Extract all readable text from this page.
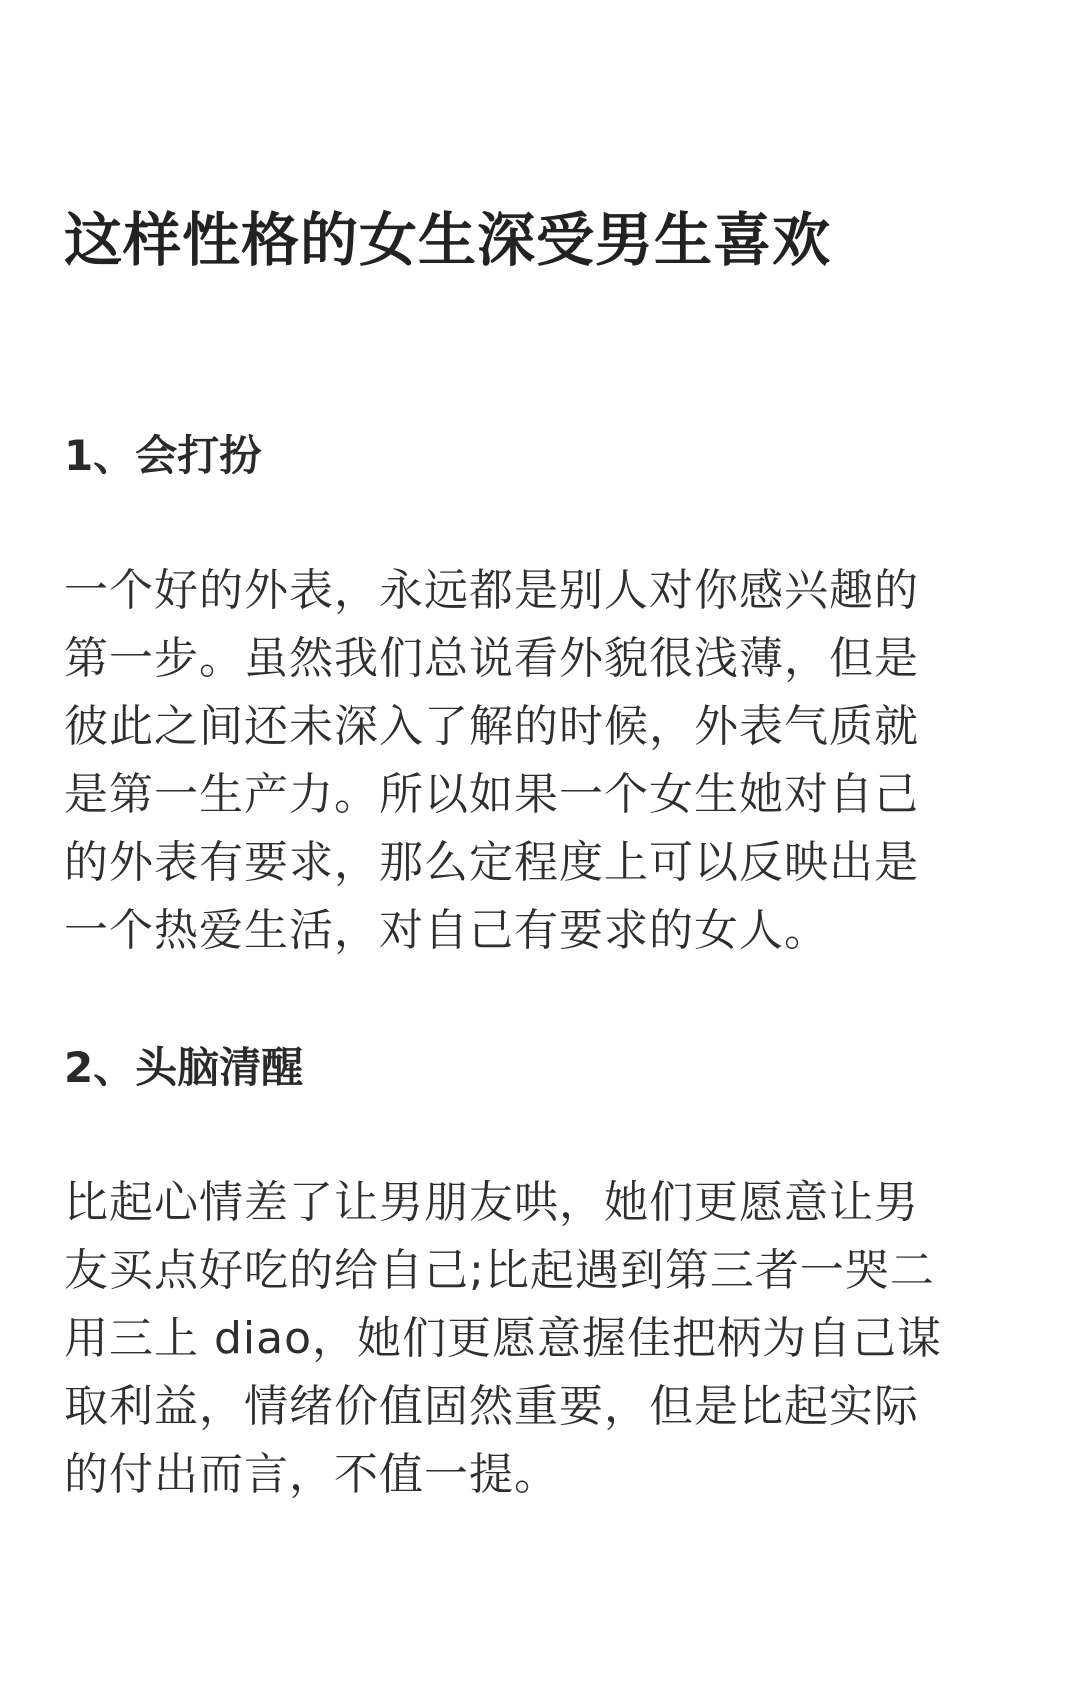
这样性格的女生深受男生喜欢
1、会打扮
一个好的外表，永远都是别人对你感兴趣的
第一步。虽然我们总说看外貌很浅薄，但是
彼此之间还未深入了解的时候，外表气质就
是第一生产力。所以如果一个女生她对自己
的外表有要求，那么定程度上可以反映出是
一个热爱生活，对自己有要求的女人。
2、头脑清醒
比起心情差了让男朋友哄，她们更愿意让男
友买点好吃的给自己;比起遇到第三者一哭二
用三上 diao，她们更愿意握佳把柄为自己谋
取利益，情绪价值固然重要，但是比起实际
的付出而言，不值一提。
